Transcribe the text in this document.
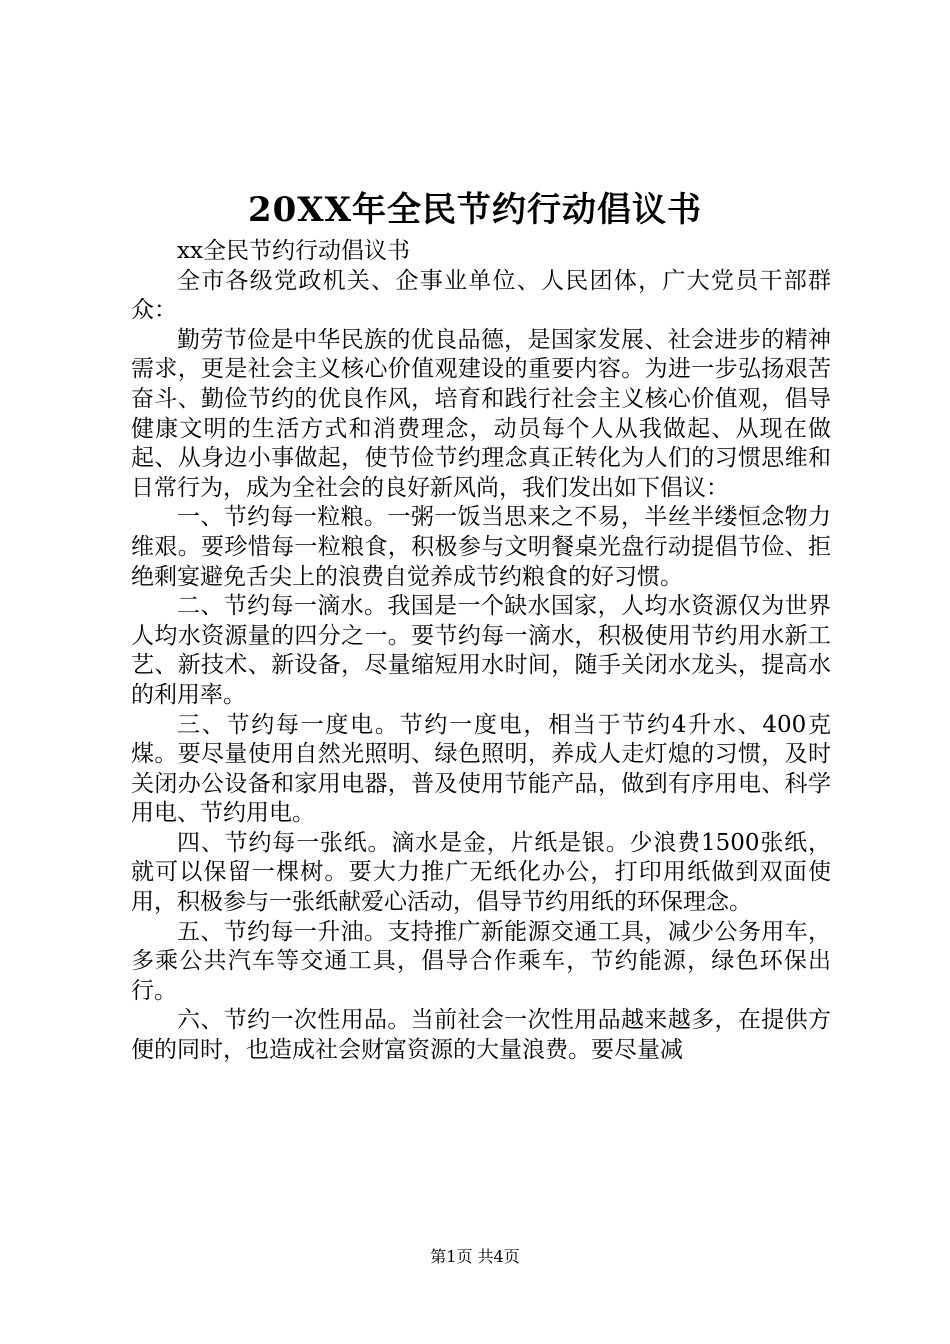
20XX年全民节约行动倡议书

xx全民节约行动倡议书

全市各级党政机关、企事业单位、人民团体，广大党员干部群众：

勤劳节俭是中华民族的优良品德，是国家发展、社会进步的精神需求，更是社会主义核心价值观建设的重要内容。为进一步弘扬艰苦奋斗、勤俭节约的优良作风，培育和践行社会主义核心价值观，倡导健康文明的生活方式和消费理念，动员每个人从我做起、从现在做起、从身边小事做起，使节俭节约理念真正转化为人们的习惯思维和日常行为，成为全社会的良好新风尚，我们发出如下倡议：

一、节约每一粒粮。一粥一饭当思来之不易，半丝半缕恒念物力维艰。要珍惜每一粒粮食，积极参与文明餐桌光盘行动提倡节俭、拒绝剩宴避免舌尖上的浪费自觉养成节约粮食的好习惯。

二、节约每一滴水。我国是一个缺水国家，人均水资源仅为世界人均水资源量的四分之一。要节约每一滴水，积极使用节约用水新工艺、新技术、新设备，尽量缩短用水时间，随手关闭水龙头，提高水的利用率。

三、节约每一度电。节约一度电，相当于节约4升水、400克煤。要尽量使用自然光照明、绿色照明，养成人走灯熄的习惯，及时关闭办公设备和家用电器，普及使用节能产品，做到有序用电、科学用电、节约用电。

四、节约每一张纸。滴水是金，片纸是银。少浪费1500张纸，就可以保留一棵树。要大力推广无纸化办公，打印用纸做到双面使用，积极参与一张纸献爱心活动，倡导节约用纸的环保理念。

五、节约每一升油。支持推广新能源交通工具，减少公务用车，多乘公共汽车等交通工具，倡导合作乘车，节约能源，绿色环保出行。

六、节约一次性用品。当前社会一次性用品越来越多，在提供方便的同时，也造成社会财富资源的大量浪费。要尽量减

第1页 共4页
